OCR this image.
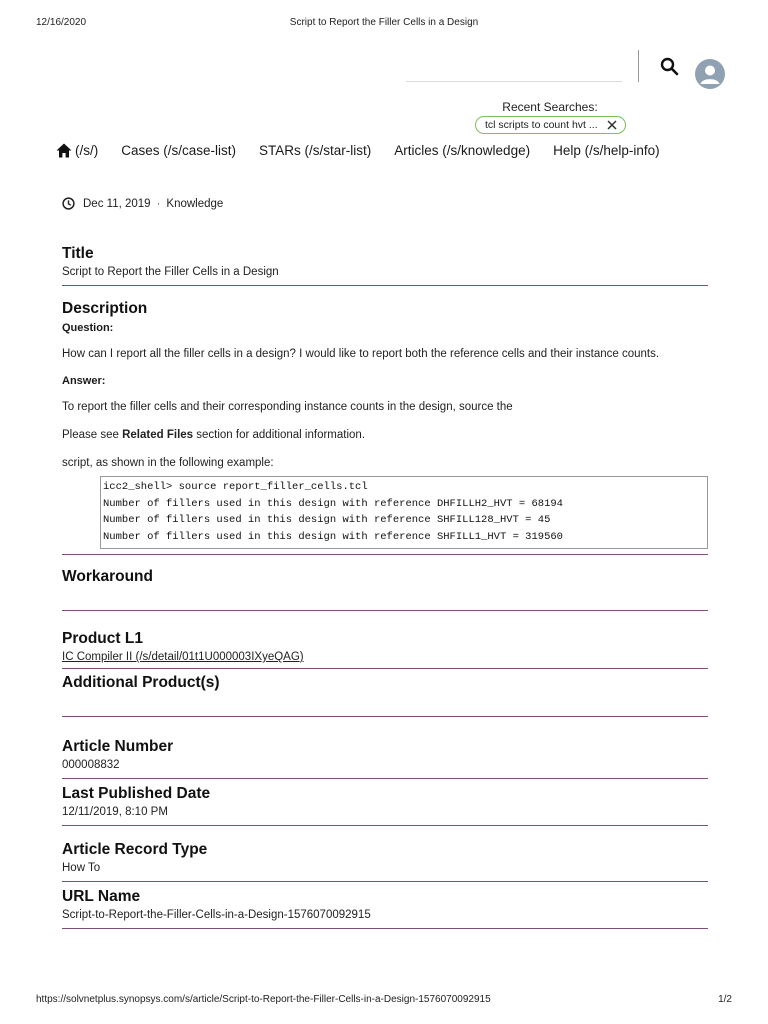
12/16/2020	Script to Report the Filler Cells in a Design
Recent Searches:
tcl scripts to count hvt ...
(/s/) Cases (/s/case-list) STARs (/s/star-list) Articles (/s/knowledge) Help (/s/help-info)
Dec 11, 2019 · Knowledge
Title
Script to Report the Filler Cells in a Design
Description
Question:
How can I report all the filler cells in a design? I would like to report both the reference cells and their instance counts.
Answer:
To report the filler cells and their corresponding instance counts in the design, source the
Please see Related Files section for additional information.
script, as shown in the following example:
icc2_shell> source report_filler_cells.tcl
Number of fillers used in this design with reference DHFILLH2_HVT = 68194
Number of fillers used in this design with reference SHFILL128_HVT = 45
Number of fillers used in this design with reference SHFILL1_HVT = 319560
Workaround
Product L1
IC Compiler II (/s/detail/01t1U000003IXyeQAG)
Additional Product(s)
Article Number
000008832
Last Published Date
12/11/2019, 8:10 PM
Article Record Type
How To
URL Name
Script-to-Report-the-Filler-Cells-in-a-Design-1576070092915
https://solvnetplus.synopsys.com/s/article/Script-to-Report-the-Filler-Cells-in-a-Design-1576070092915	1/2
